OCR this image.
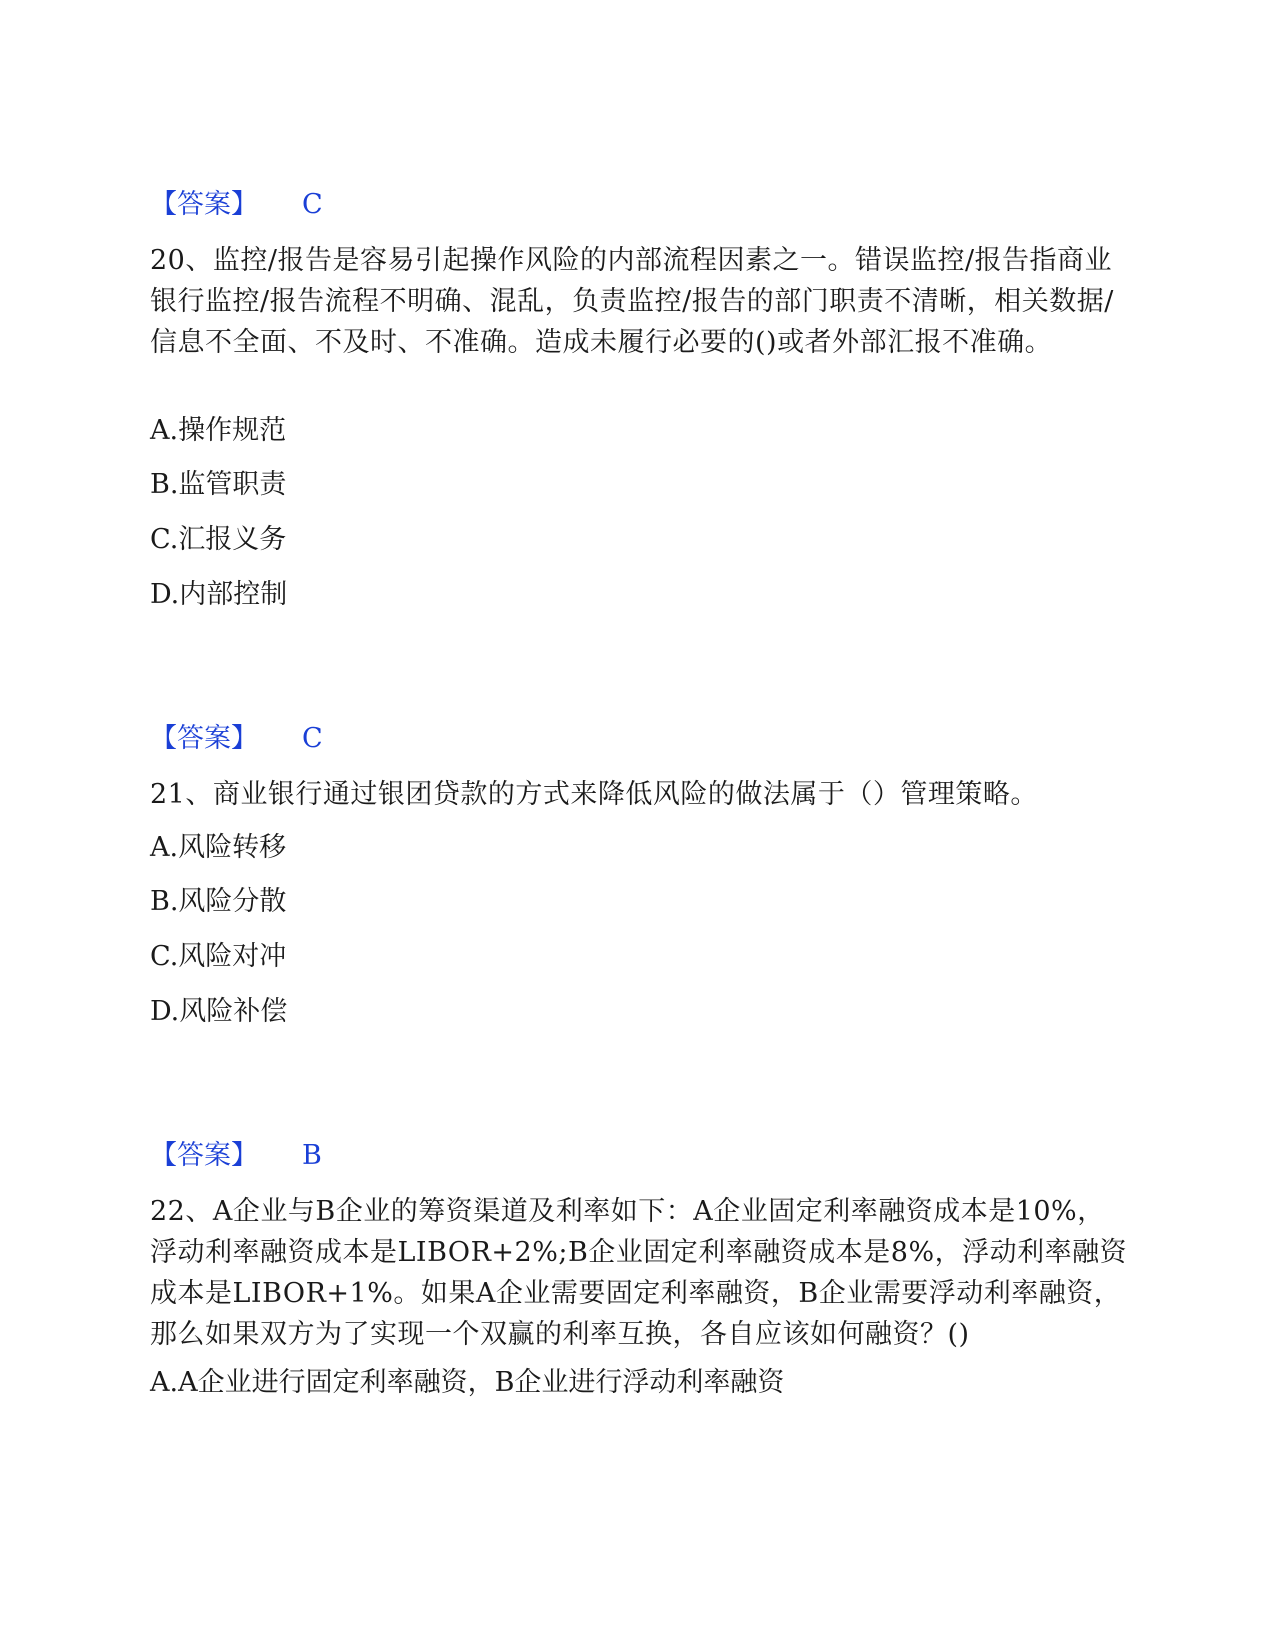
【答案】 C
20、监控/报告是容易引起操作风险的内部流程因素之一。错误监控/报告指商业银行监控/报告流程不明确、混乱，负责监控/报告的部门职责不清晰，相关数据/信息不全面、不及时、不准确。造成未履行必要的()或者外部汇报不准确。
A.操作规范
B.监管职责
C.汇报义务
D.内部控制
【答案】 C
21、商业银行通过银团贷款的方式来降低风险的做法属于（）管理策略。
A.风险转移
B.风险分散
C.风险对冲
D.风险补偿
【答案】 B
22、A企业与B企业的筹资渠道及利率如下：A企业固定利率融资成本是10%，浮动利率融资成本是LIBOR+2%;B企业固定利率融资成本是8%，浮动利率融资成本是LIBOR+1%。如果A企业需要固定利率融资，B企业需要浮动利率融资，那么如果双方为了实现一个双赢的利率互换，各自应该如何融资？()
A.A企业进行固定利率融资，B企业进行浮动利率融资
